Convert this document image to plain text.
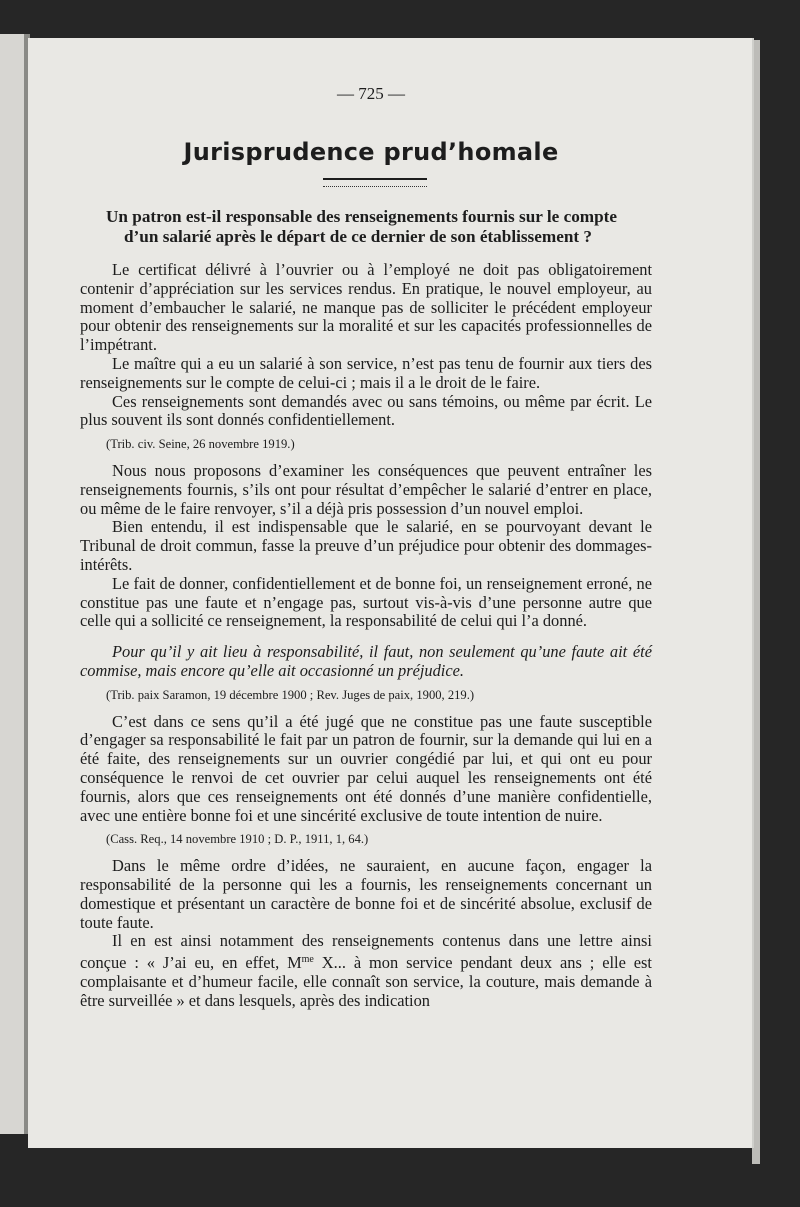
— 725 —
Jurisprudence prud’homale
Un patron est-il responsable des renseignements fournis sur le compte d’un salarié après le départ de ce dernier de son établissement ?

Le certificat délivré à l’ouvrier ou à l’employé ne doit pas obligatoirement contenir d’appréciation sur les services rendus. En pratique, le nouvel employeur, au moment d’embaucher le salarié, ne manque pas de solliciter le précédent employeur pour obtenir des renseignements sur la moralité et sur les capacités professionnelles de l’impétrant.

Le maître qui a eu un salarié à son service, n’est pas tenu de fournir aux tiers des renseignements sur le compte de celui-ci ; mais il a le droit de le faire.

Ces renseignements sont demandés avec ou sans témoins, ou même par écrit. Le plus souvent ils sont donnés confidentiellement.

(Trib. civ. Seine, 26 novembre 1919.)

Nous nous proposons d’examiner les conséquences que peuvent entraîner les renseignements fournis, s’ils ont pour résultat d’empêcher le salarié d’entrer en place, ou même de le faire renvoyer, s’il a déjà pris possession d’un nouvel emploi.

Bien entendu, il est indispensable que le salarié, en se pourvoyant devant le Tribunal de droit commun, fasse la preuve d’un préjudice pour obtenir des dommages-intérêts.

Le fait de donner, confidentiellement et de bonne foi, un renseignement erroné, ne constitue pas une faute et n’engage pas, surtout vis-à-vis d’une personne autre que celle qui a sollicité ce renseignement, la responsabilité de celui qui l’a donné.

Pour qu’il y ait lieu à responsabilité, il faut, non seulement qu’une faute ait été commise, mais encore qu’elle ait occasionné un préjudice.

(Trib. paix Saramon, 19 décembre 1900 ; Rev. Juges de paix, 1900, 219.)

C’est dans ce sens qu’il a été jugé que ne constitue pas une faute susceptible d’engager sa responsabilité le fait par un patron de fournir, sur la demande qui lui en a été faite, des renseignements sur un ouvrier congédié par lui, et qui ont eu pour conséquence le renvoi de cet ouvrier par celui auquel les renseignements ont été fournis, alors que ces renseignements ont été donnés d’une manière confidentielle, avec une entière bonne foi et une sincérité exclusive de toute intention de nuire.

(Cass. Req., 14 novembre 1910 ; D. P., 1911, 1, 64.)

Dans le même ordre d’idées, ne sauraient, en aucune façon, engager la responsabilité de la personne qui les a fournis, les renseignements concernant un domestique et présentant un caractère de bonne foi et de sincérité absolue, exclusif de toute faute.

Il en est ainsi notamment des renseignements contenus dans une lettre ainsi conçue : « J’ai eu, en effet, $M^{me}$ X... à mon service pendant deux ans ; elle est complaisante et d’humeur facile, elle connaît son service, la couture, mais demande à être surveillée » et dans lesquels, après des indication
